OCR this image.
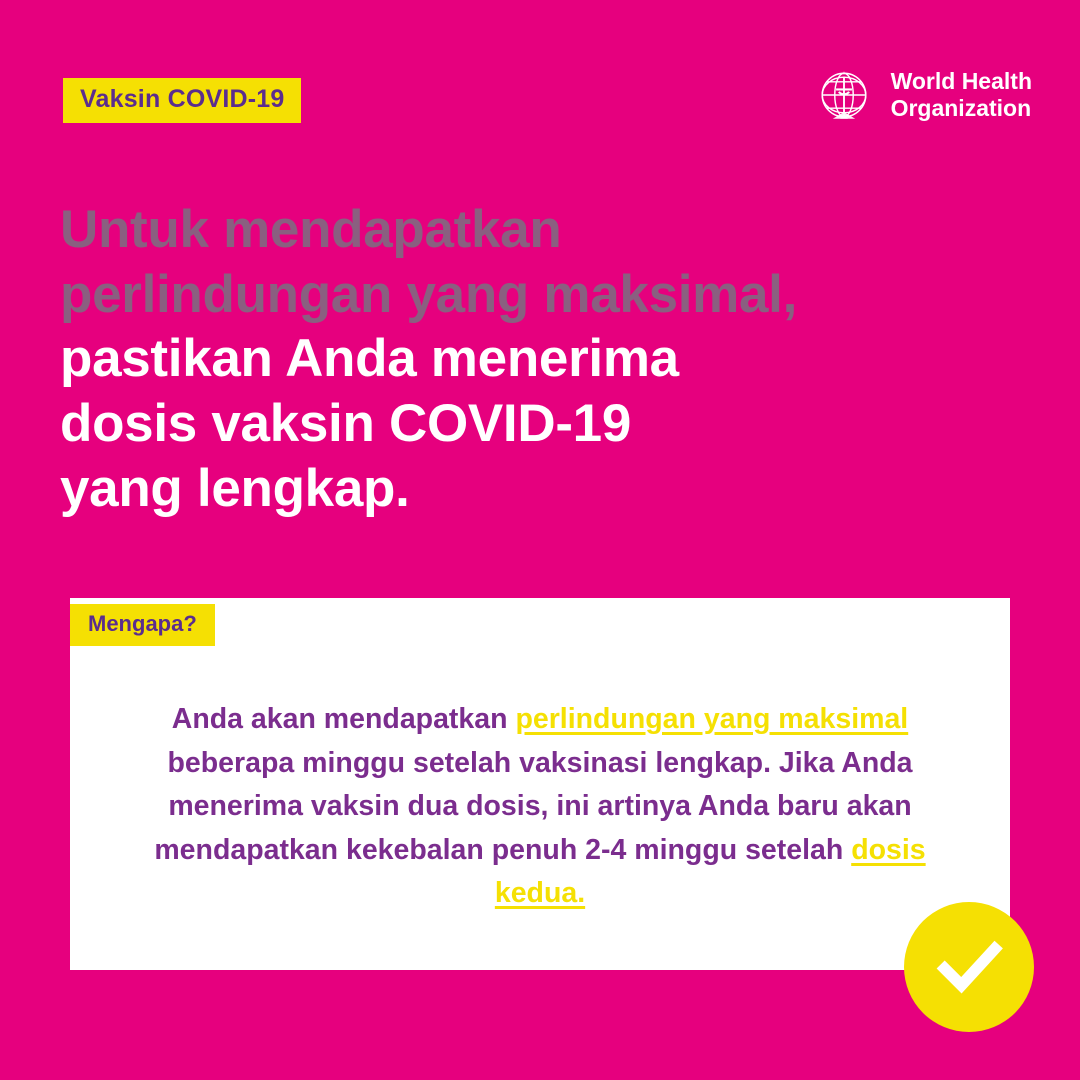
Vaksin COVID-19
World Health
Organization
Untuk mendapatkan
perlindungan yang maksimal,
pastikan Anda menerima
dosis vaksin COVID-19
yang lengkap.
Mengapa?

Anda akan mendapatkan perlindungan yang maksimal beberapa minggu setelah vaksinasi lengkap. Jika Anda menerima vaksin dua dosis, ini artinya Anda baru akan mendapatkan kekebalan penuh 2-4 minggu setelah dosis kedua.
